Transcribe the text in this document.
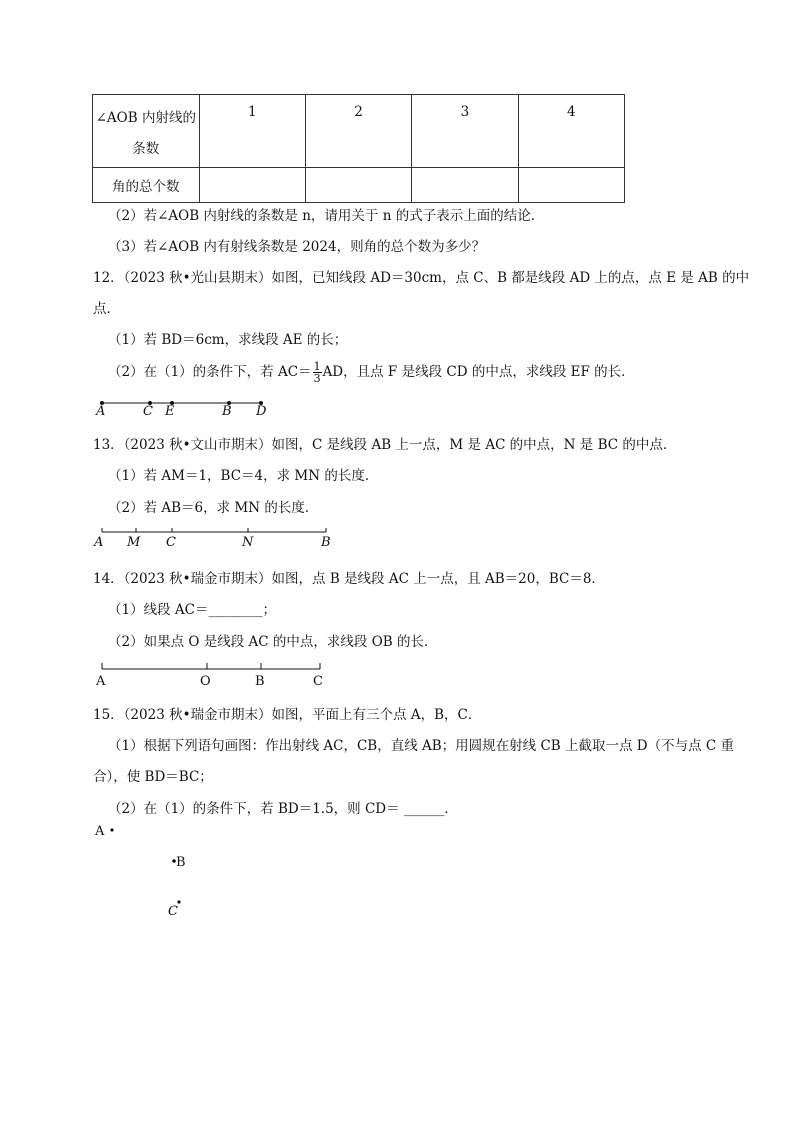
∠AOB 内射线的
条数	1	2	3	4
角的总个数				
（2）若∠AOB 内射线的条数是 n，请用关于 n 的式子表示上面的结论．
（3）若∠AOB 内有射线条数是 2024，则角的总个数为多少？
12．（2023 秋•光山县期末）如图，已知线段 AD＝30cm，点 C、B 都是线段 AD 上的点，点 E 是 AB 的中
点．
（1）若 BD＝6cm，求线段 AE 的长；
（2）在（1）的条件下，若 $AC= \frac{1}{3}$ AD，且点 F 是线段 CD 的中点，求线段 EF 的长．
A	C E	B D
13．（2023 秋•文山市期末）如图，C 是线段 AB 上一点，M 是 AC 的中点，N 是 BC 的中点．
（1）若 AM＝1，BC＝4，求 MN 的长度．
（2）若 AB＝6，求 MN 的长度．
A M C	N	B
14．（2023 秋•瑞金市期末）如图，点 B 是线段 AC 上一点，且 AB＝20，BC＝8．
（1）线段 AC＝________；
（2）如果点 O 是线段 AC 的中点，求线段 OB 的长．
A	O	B	C
15．（2023 秋•瑞金市期末）如图，平面上有三个点 A，B，C．
（1）根据下列语句画图：作出射线 AC，CB，直线 AB；用圆规在射线 CB 上截取一点 D（不与点 C 重
合），使 BD＝BC；
（2）在（1）的条件下，若 BD＝1.5，则 CD＝ ______．
A
B
C
